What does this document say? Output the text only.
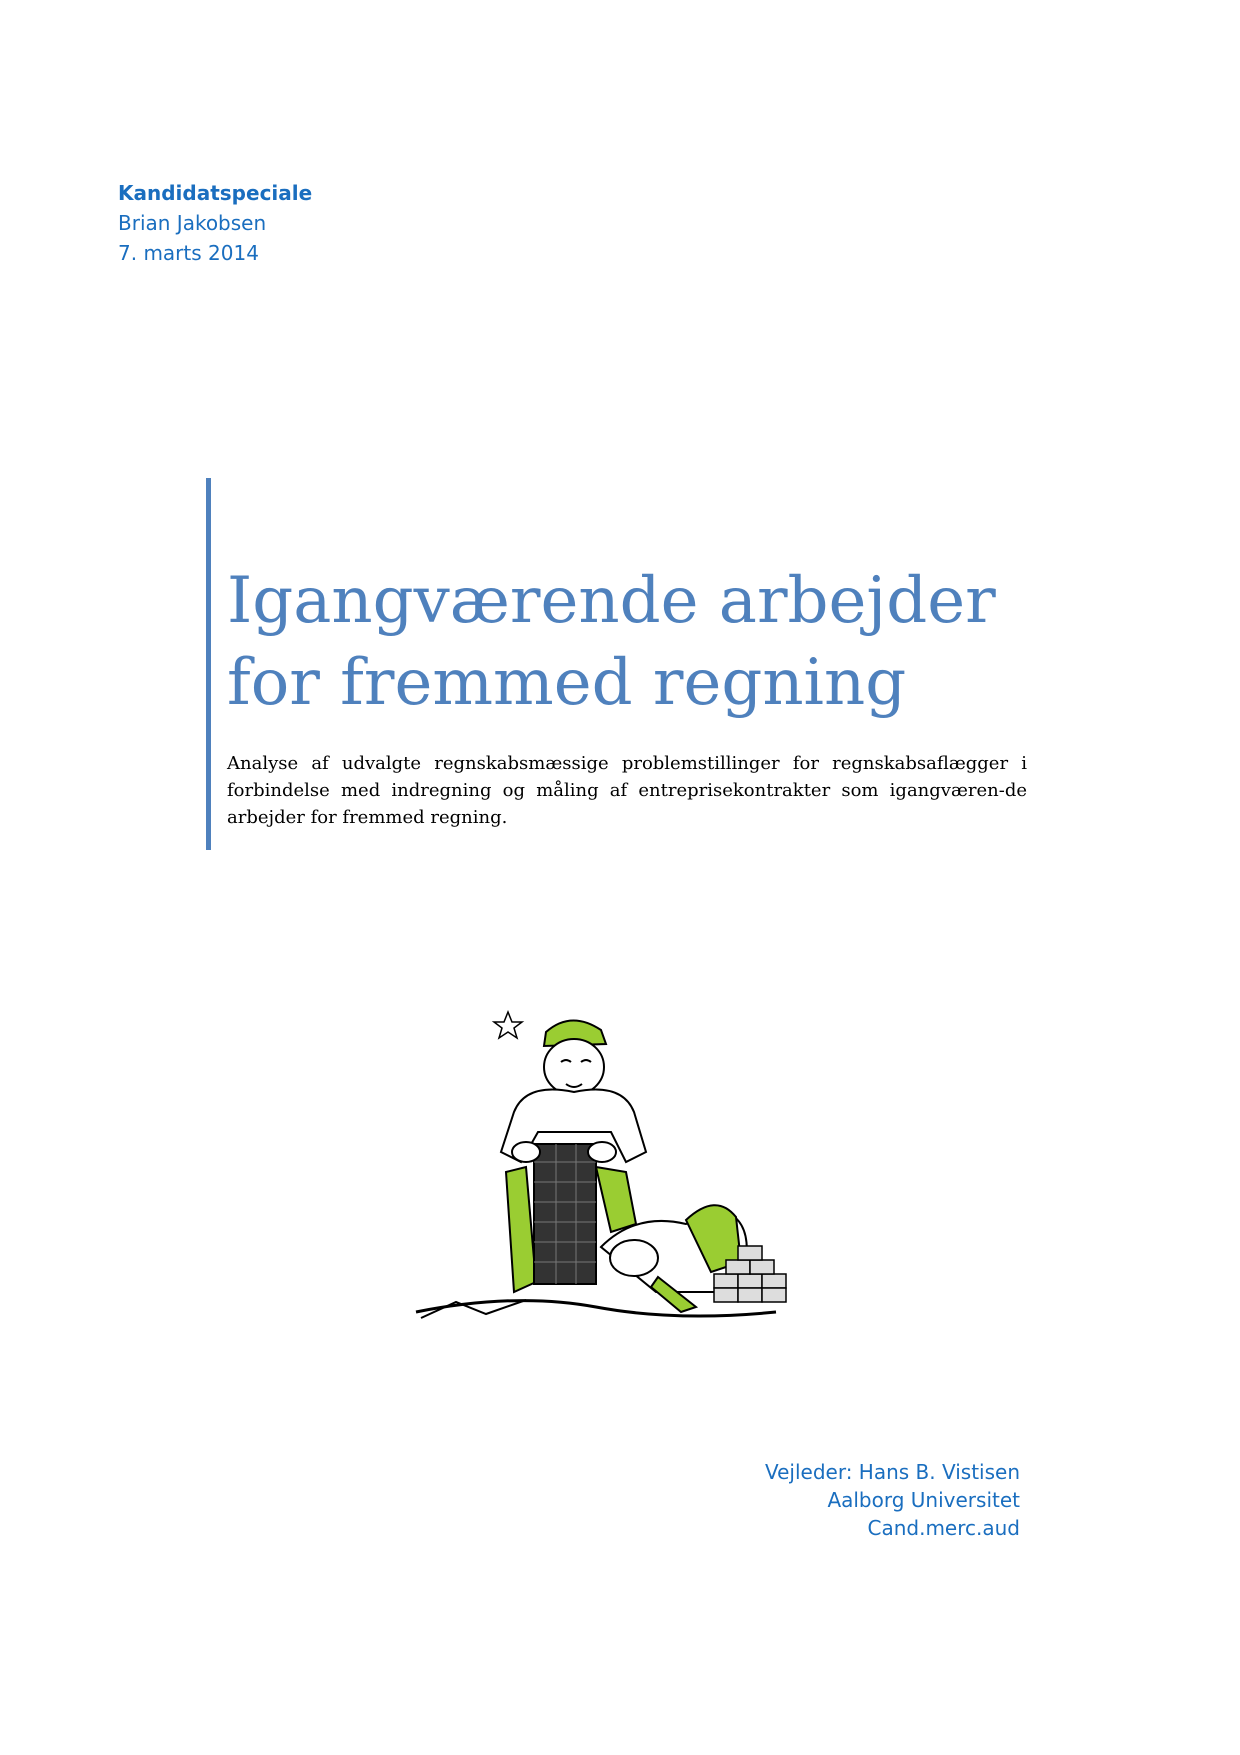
Kandidatspeciale
Brian Jakobsen
7. marts 2014
Igangværende arbejder
for fremmed regning

Analyse af udvalgte regnskabsmæssige problemstillinger for regnskabsaflægger i forbindelse med indregning og måling af entreprisekontrakter som igangværen-de arbejder for fremmed regning.

Vejleder: Hans B. Vistisen
Aalborg Universitet
Cand.merc.aud
